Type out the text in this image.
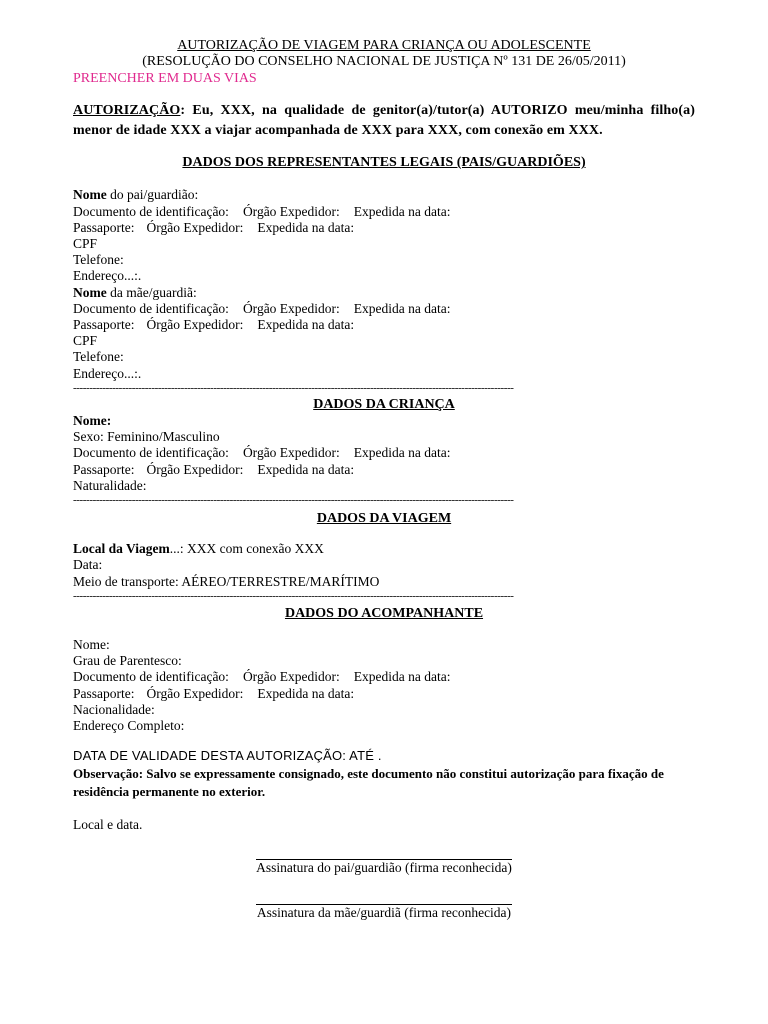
AUTORIZAÇÃO DE VIAGEM PARA CRIANÇA OU ADOLESCENTE
(RESOLUÇÃO DO CONSELHO NACIONAL DE JUSTIÇA Nº 131 DE 26/05/2011)
PREENCHER EM DUAS VIAS
AUTORIZAÇÃO: Eu, XXX, na qualidade de genitor(a)/tutor(a) AUTORIZO meu/minha filho(a) menor de idade XXX a viajar acompanhada de XXX para XXX, com conexão em XXX.
DADOS DOS REPRESENTANTES LEGAIS (PAIS/GUARDIÕES)
Nome do pai/guardião:
Documento de identificação: Órgão Expedidor: Expedida na data:
Passaporte: Órgão Expedidor: Expedida na data:
CPF
Telefone:
Endereço...:.
Nome da mãe/guardiã:
Documento de identificação: Órgão Expedidor: Expedida na data:
Passaporte: Órgão Expedidor: Expedida na data:
CPF
Telefone:
Endereço...:.
---------------------------------------------------------------------------------------------------------------------------------------
DADOS DA CRIANÇA
Nome:
Sexo: Feminino/Masculino
Documento de identificação: Órgão Expedidor: Expedida na data:
Passaporte: Órgão Expedidor: Expedida na data:
Naturalidade:
---------------------------------------------------------------------------------------------------------------------------------------
DADOS DA VIAGEM
Local da Viagem...: XXX com conexão XXX
Data:
Meio de transporte: AÉREO/TERRESTRE/MARÍTIMO
---------------------------------------------------------------------------------------------------------------------------------------
DADOS DO ACOMPANHANTE
Nome:
Grau de Parentesco:
Documento de identificação: Órgão Expedidor: Expedida na data:
Passaporte: Órgão Expedidor: Expedida na data:
Nacionalidade:
Endereço Completo:
DATA DE VALIDADE DESTA AUTORIZAÇÃO: ATÉ .
Observação: Salvo se expressamente consignado, este documento não constitui autorização para fixação de residência permanente no exterior.
Local e data.
Assinatura do pai/guardião (firma reconhecida)
Assinatura da mãe/guardiã (firma reconhecida)
